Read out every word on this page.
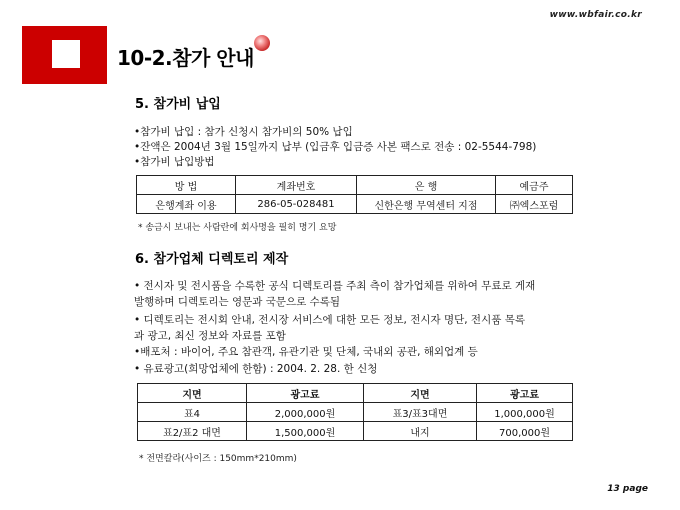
www.wbfair.co.kr
10-2.참가 안내
5. 참가비 납입
•참가비 납입 : 참가 신청시 참가비의 50% 납입
•잔액은 2004년 3월 15일까지 납부 (입금후 입금증 사본 팩스로 전송 : 02-5544-798)
•참가비 납입방법
방 법	계좌번호	은 행	예금주
은행계좌 이용	286-05-028481	신한은행 무역센터 지점	㈜엑스포럼
* 송금시 보내는 사람란에 회사명을 필히 명기 요망
6. 참가업체 디렉토리 제작
• 전시자 및 전시품을 수록한 공식 디렉토리를 주최 측이 참가업체를 위하여 무료로 게재
발행하며 디렉토리는 영문과 국문으로 수록됨
• 디렉토리는 전시회 안내, 전시장 서비스에 대한 모든 정보, 전시자 명단, 전시품 목록
과 광고, 최신 정보와 자료를 포함
•배포처 : 바이어, 주요 참관객, 유관기관 및 단체, 국내외 공관, 해외업계 등
• 유료광고(희망업체에 한함) : 2004. 2. 28. 한 신청
지면	광고료	지면	광고료
표4	2,000,000원	표3/표3대면	1,000,000원
표2/표2 대면	1,500,000원	내지	700,000원
* 전면칼라(사이즈 : 150mm*210mm)
13 page
